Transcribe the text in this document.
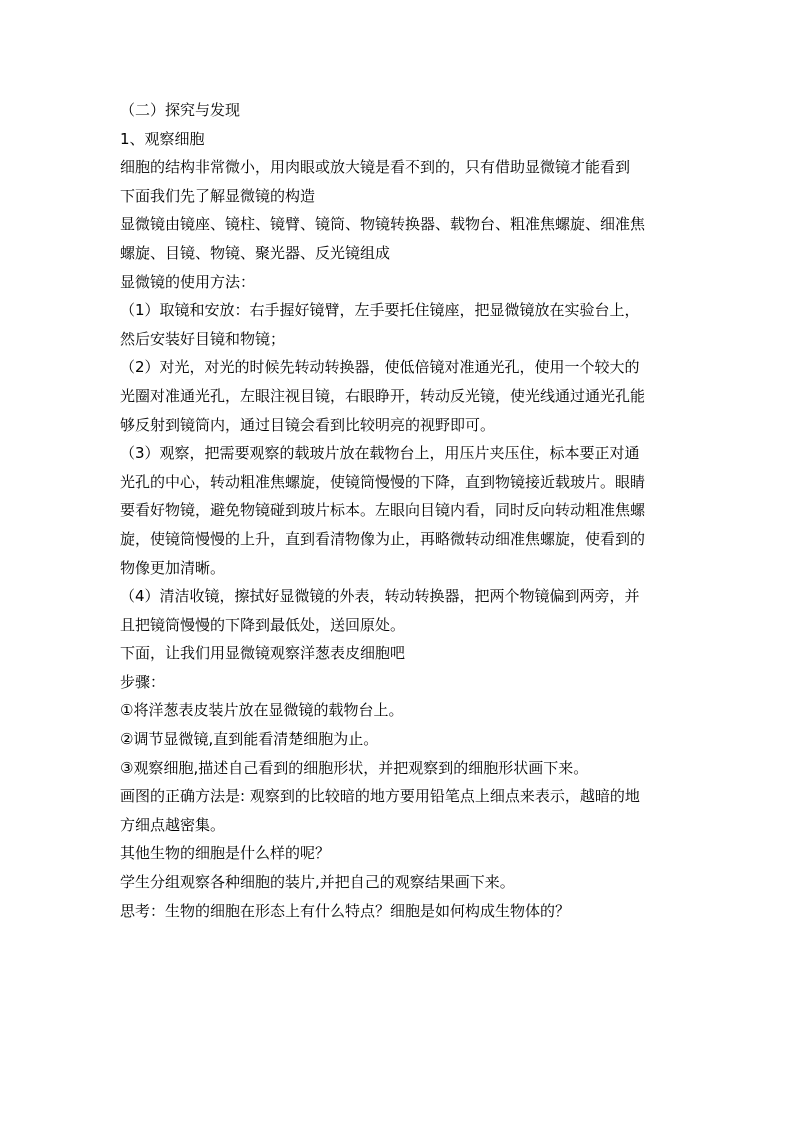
（二）探究与发现

1、观察细胞

细胞的结构非常微小，用肉眼或放大镜是看不到的，只有借助显微镜才能看到

下面我们先了解显微镜的构造

显微镜由镜座、镜柱、镜臂、镜筒、物镜转换器、载物台、粗准焦螺旋、细准焦

螺旋、目镜、物镜、聚光器、反光镜组成

显微镜的使用方法：

（1）取镜和安放：右手握好镜臂，左手要托住镜座，把显微镜放在实验台上，

然后安装好目镜和物镜；

（2）对光，对光的时候先转动转换器，使低倍镜对准通光孔，使用一个较大的

光圈对准通光孔，左眼注视目镜，右眼睁开，转动反光镜，使光线通过通光孔能

够反射到镜筒内，通过目镜会看到比较明亮的视野即可。

（3）观察，把需要观察的载玻片放在载物台上，用压片夹压住，标本要正对通

光孔的中心，转动粗准焦螺旋，使镜筒慢慢的下降，直到物镜接近载玻片。眼睛

要看好物镜，避免物镜碰到玻片标本。左眼向目镜内看，同时反向转动粗准焦螺

旋，使镜筒慢慢的上升，直到看清物像为止，再略微转动细准焦螺旋，使看到的

物像更加清晰。

（4）清洁收镜，擦拭好显微镜的外表，转动转换器，把两个物镜偏到两旁，并

且把镜筒慢慢的下降到最低处，送回原处。

下面，让我们用显微镜观察洋葱表皮细胞吧

步骤：

①将洋葱表皮装片放在显微镜的载物台上。

②调节显微镜,直到能看清楚细胞为止。

③观察细胞,描述自己看到的细胞形状，并把观察到的细胞形状画下来。

画图的正确方法是: 观察到的比较暗的地方要用铅笔点上细点来表示，越暗的地

方细点越密集。

其他生物的细胞是什么样的呢？

学生分组观察各种细胞的装片,并把自己的观察结果画下来。

思考：生物的细胞在形态上有什么特点？细胞是如何构成生物体的？
